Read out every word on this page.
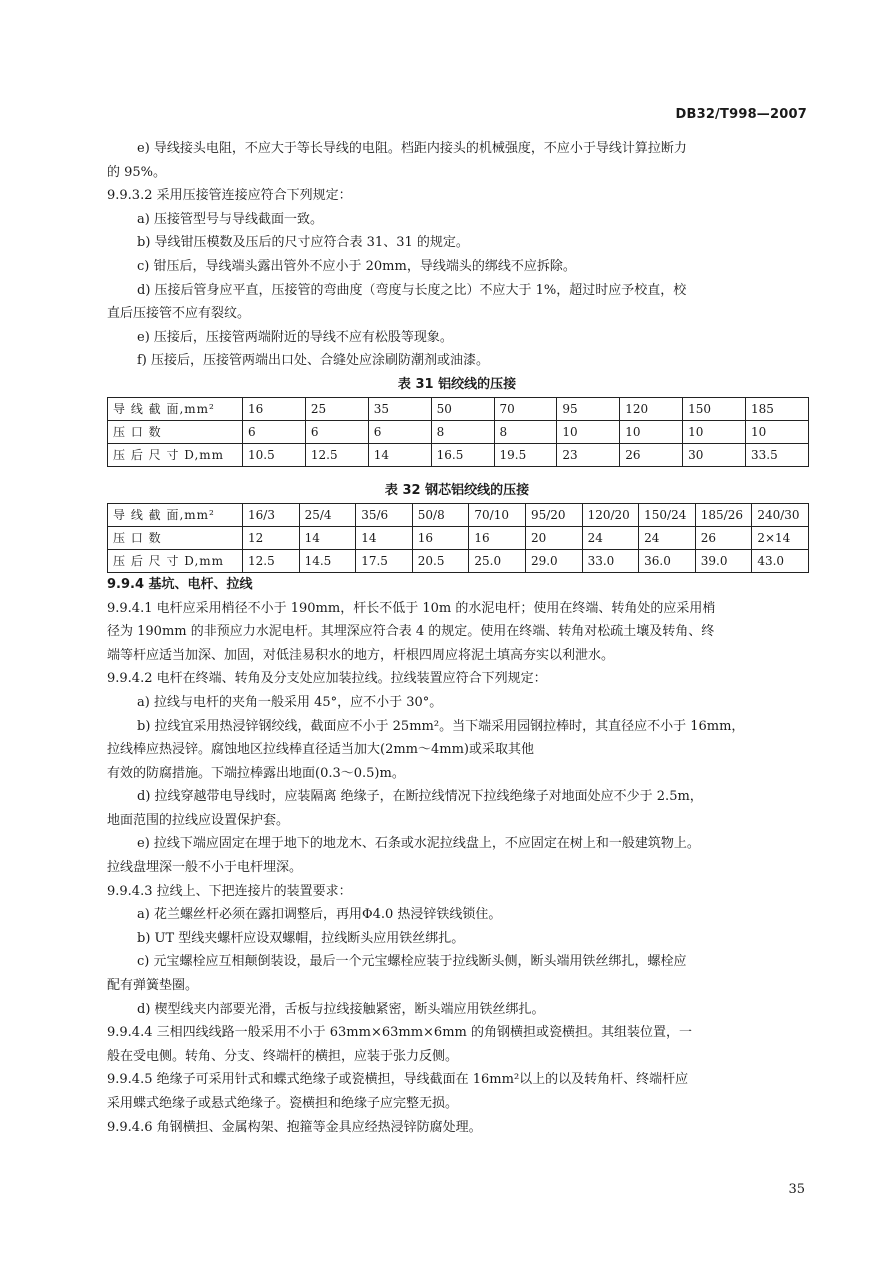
DB32/T998—2007
e) 导线接头电阻，不应大于等长导线的电阻。档距内接头的机械强度，不应小于导线计算拉断力
的 95%。
9.9.3.2 采用压接管连接应符合下列规定：
a) 压接管型号与导线截面一致。
b) 导线钳压模数及压后的尺寸应符合表 31、31 的规定。
c) 钳压后，导线端头露出管外不应小于 20mm，导线端头的绑线不应拆除。
d) 压接后管身应平直，压接管的弯曲度（弯度与长度之比）不应大于 1%，超过时应予校直，校
直后压接管不应有裂纹。
e) 压接后，压接管两端附近的导线不应有松股等现象。
f) 压接后，压接管两端出口处、合缝处应涂刷防潮剂或油漆。
表 31 铝绞线的压接
导 线 截 面,mm²	16	25	35	50	70	95	120	150	185
压 口 数	6	6	6	8	8	10	10	10	10
压 后 尺 寸 D,mm	10.5	12.5	14	16.5	19.5	23	26	30	33.5
表 32 钢芯铝绞线的压接
导 线 截 面,mm²	16/3	25/4	35/6	50/8	70/10	95/20	120/20	150/24	185/26	240/30
压 口 数	12	14	14	16	16	20	24	24	26	2×14
压 后 尺 寸 D,mm	12.5	14.5	17.5	20.5	25.0	29.0	33.0	36.0	39.0	43.0
9.9.4 基坑、电杆、拉线
9.9.4.1 电杆应采用梢径不小于 190mm，杆长不低于 10m 的水泥电杆；使用在终端、转角处的应采用梢
径为 190mm 的非预应力水泥电杆。其埋深应符合表 4 的规定。使用在终端、转角对松疏土壤及转角、终
端等杆应适当加深、加固，对低洼易积水的地方，杆根四周应将泥土填高夯实以利泄水。
9.9.4.2 电杆在终端、转角及分支处应加装拉线。拉线装置应符合下列规定：
a) 拉线与电杆的夹角一般采用 45°，应不小于 30°。
b) 拉线宜采用热浸锌钢绞线，截面应不小于 25mm²。当下端采用园钢拉棒时，其直径应不小于 16mm，
拉线棒应热浸锌。腐蚀地区拉线棒直径适当加大(2mm～4mm)或采取其他
有效的防腐措施。下端拉棒露出地面(0.3～0.5)m。
d) 拉线穿越带电导线时，应装隔离 绝缘子，在断拉线情况下拉线绝缘子对地面处应不少于 2.5m，
地面范围的拉线应设置保护套。
e) 拉线下端应固定在埋于地下的地龙木、石条或水泥拉线盘上，不应固定在树上和一般建筑物上。
拉线盘埋深一般不小于电杆埋深。
9.9.4.3 拉线上、下把连接片的装置要求：
a) 花兰螺丝杆必须在露扣调整后，再用Φ4.0 热浸锌铁线锁住。
b) UT 型线夹螺杆应设双螺帽，拉线断头应用铁丝绑扎。
c) 元宝螺栓应互相颠倒装设，最后一个元宝螺栓应装于拉线断头侧，断头端用铁丝绑扎，螺栓应
配有弹簧垫圈。
d) 楔型线夹内部要光滑，舌板与拉线接触紧密，断头端应用铁丝绑扎。
9.9.4.4 三相四线线路一般采用不小于 63mm×63mm×6mm 的角钢横担或瓷横担。其组装位置，一
般在受电侧。转角、分支、终端杆的横担，应装于张力反侧。
9.9.4.5 绝缘子可采用针式和蝶式绝缘子或瓷横担，导线截面在 16mm²以上的以及转角杆、终端杆应
采用蝶式绝缘子或悬式绝缘子。瓷横担和绝缘子应完整无损。
9.9.4.6 角钢横担、金属构架、抱箍等金具应经热浸锌防腐处理。
35
